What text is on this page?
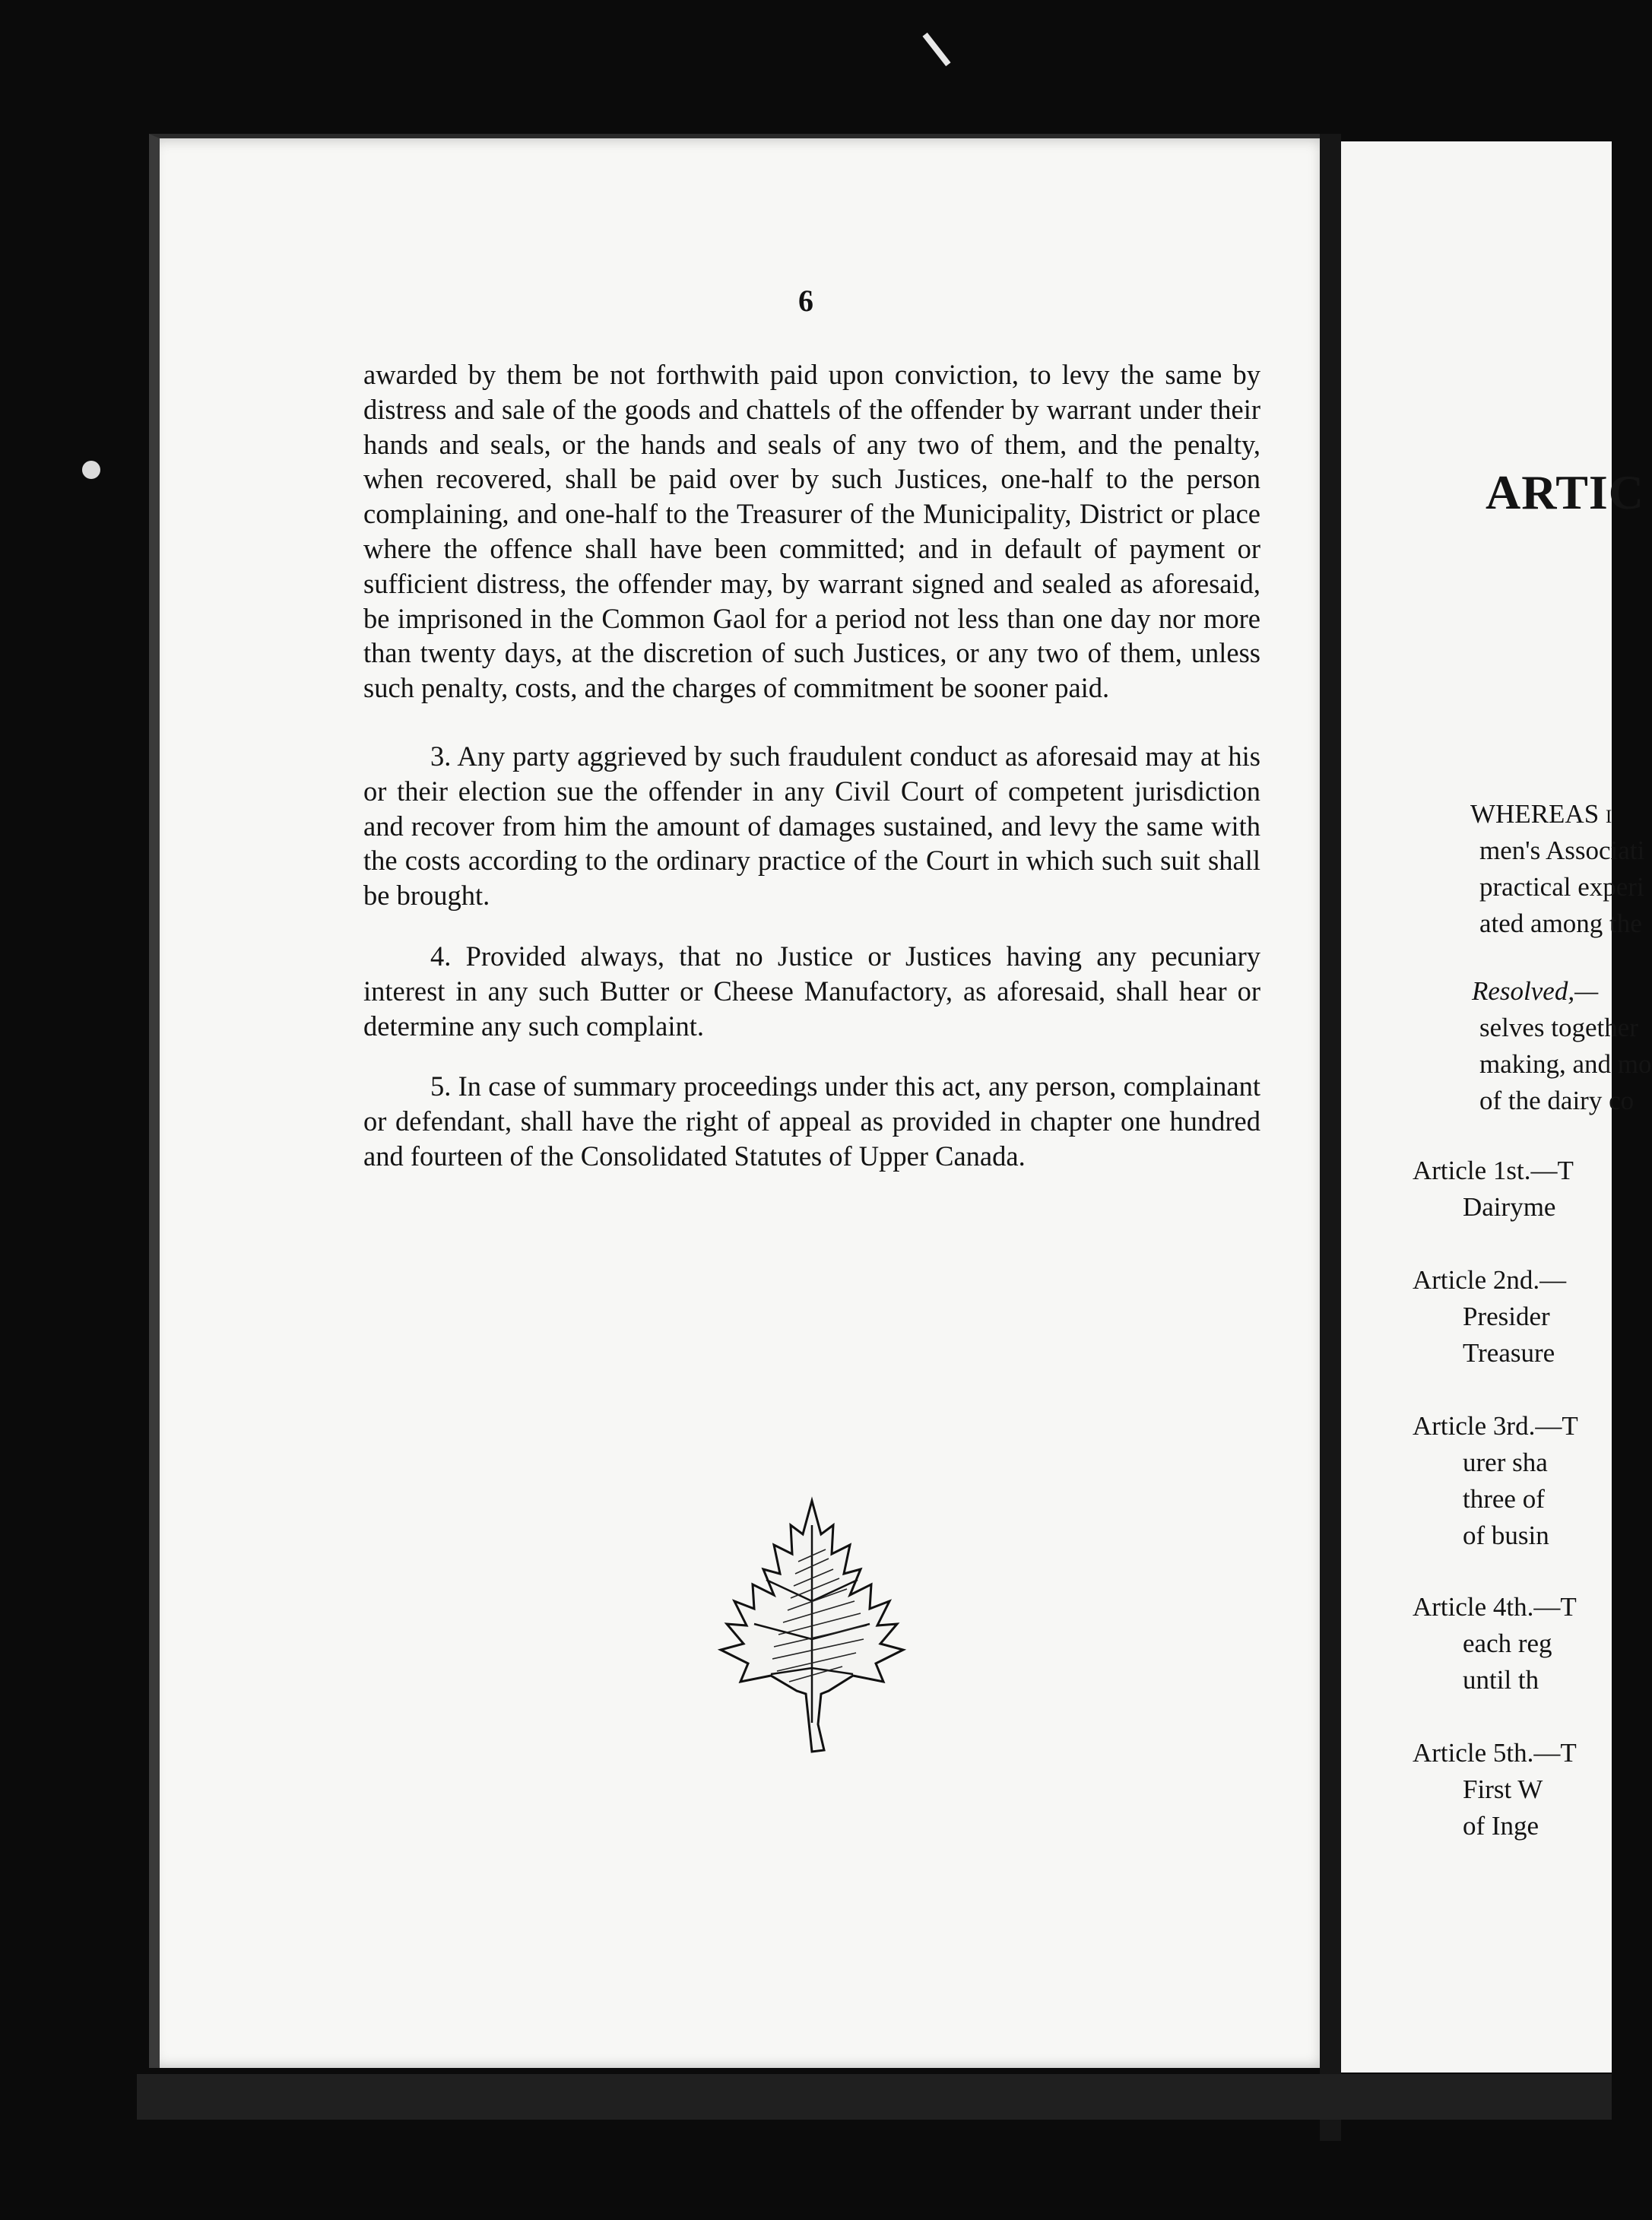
ARTIC
WHEREAS i
men's Associati
practical experi
ated among the
Resolved,—
selves together
making, and mo
of the dairy co
Article 1st.—T
Dairyme
Article 2nd.—
Presider
Treasure
Article 3rd.—T
urer sha
three of
of busin
Article 4th.—T
each reg
until th
Article 5th.—T
First W
of Inge
6

awarded by them be not forthwith paid upon conviction, to levy the same by distress and sale of the goods and chattels of the offender by warrant under their hands and seals, or the hands and seals of any two of them, and the penalty, when recovered, shall be paid over by such Justices, one-half to the person complaining, and one-half to the Treasurer of the Municipality, District or place where the offence shall have been committed; and in default of payment or sufficient distress, the offender may, by warrant signed and sealed as aforesaid, be imprisoned in the Common Gaol for a period not less than one day nor more than twenty days, at the discretion of such Justices, or any two of them, unless such penalty, costs, and the charges of commitment be sooner paid.

3. Any party aggrieved by such fraudulent conduct as aforesaid may at his or their election sue the offender in any Civil Court of competent jurisdiction and recover from him the amount of damages sustained, and levy the same with the costs according to the ordinary practice of the Court in which such suit shall be brought.

4. Provided always, that no Justice or Justices having any pecuniary interest in any such Butter or Cheese Manufactory, as aforesaid, shall hear or determine any such complaint.

5. In case of summary proceedings under this act, any person, complainant or defendant, shall have the right of appeal as provided in chapter one hundred and fourteen of the Consolidated Statutes of Upper Canada.
